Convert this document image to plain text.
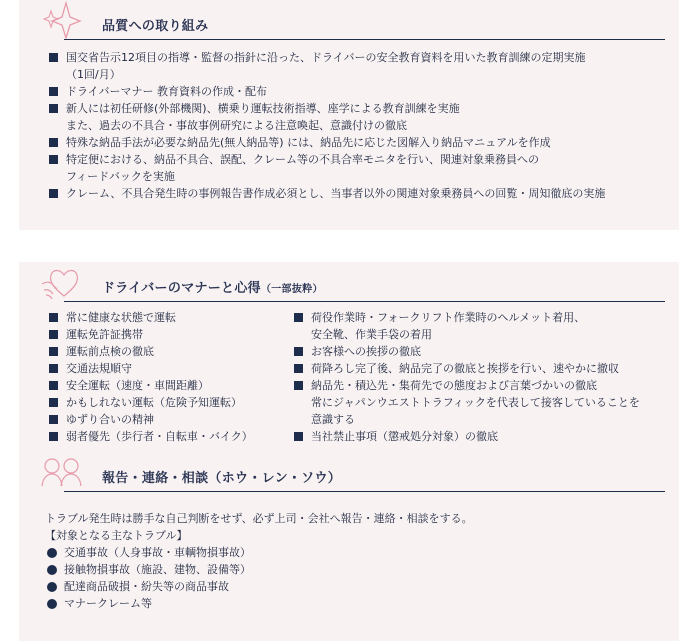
品質への取り組み
国交省告示12項目の指導・監督の指針に沿った、ドライバーの安全教育資料を用いた教育訓練の定期実施
（1回/月）
ドライバーマナー 教育資料の作成・配布
新人には初任研修(外部機関)、横乗り運転技術指導、座学による教育訓練を実施
また、過去の不具合・事故事例研究による注意喚起、意識付けの徹底
特殊な納品手法が必要な納品先(無人納品等) には、納品先に応じた図解入り納品マニュアルを作成
特定便における、納品不具合、誤配、クレーム等の不具合率モニタを行い、関連対象乗務員への
フィードバックを実施
クレーム、不具合発生時の事例報告書作成必須とし、当事者以外の関連対象乗務員への回覧・周知徹底の実施
ドライバーのマナーと心得（一部抜粋）
常に健康な状態で運転
運転免許証携帯
運転前点検の徹底
交通法規順守
安全運転（速度・車間距離）
かもしれない運転（危険予知運転）
ゆずり合いの精神
弱者優先（歩行者・自転車・バイク）
荷役作業時・フォークリフト作業時のヘルメット着用、
安全靴、作業手袋の着用
お客様への挨拶の徹底
荷降ろし完了後、納品完了の徹底と挨拶を行い、速やかに撤収
納品先・積込先・集荷先での態度および言葉づかいの徹底
常にジャパンウエストトラフィックを代表して接客していることを
意識する
当社禁止事項（懲戒処分対象）の徹底
報告・連絡・相談（ホウ・レン・ソウ）
トラブル発生時は勝手な自己判断をせず、必ず上司・会社へ報告・連絡・相談をする。
【対象となる主なトラブル】
交通事故（人身事故・車輌物損事故）
接触物損事故（施設、建物、設備等）
配達商品破損・紛失等の商品事故
マナークレーム等
